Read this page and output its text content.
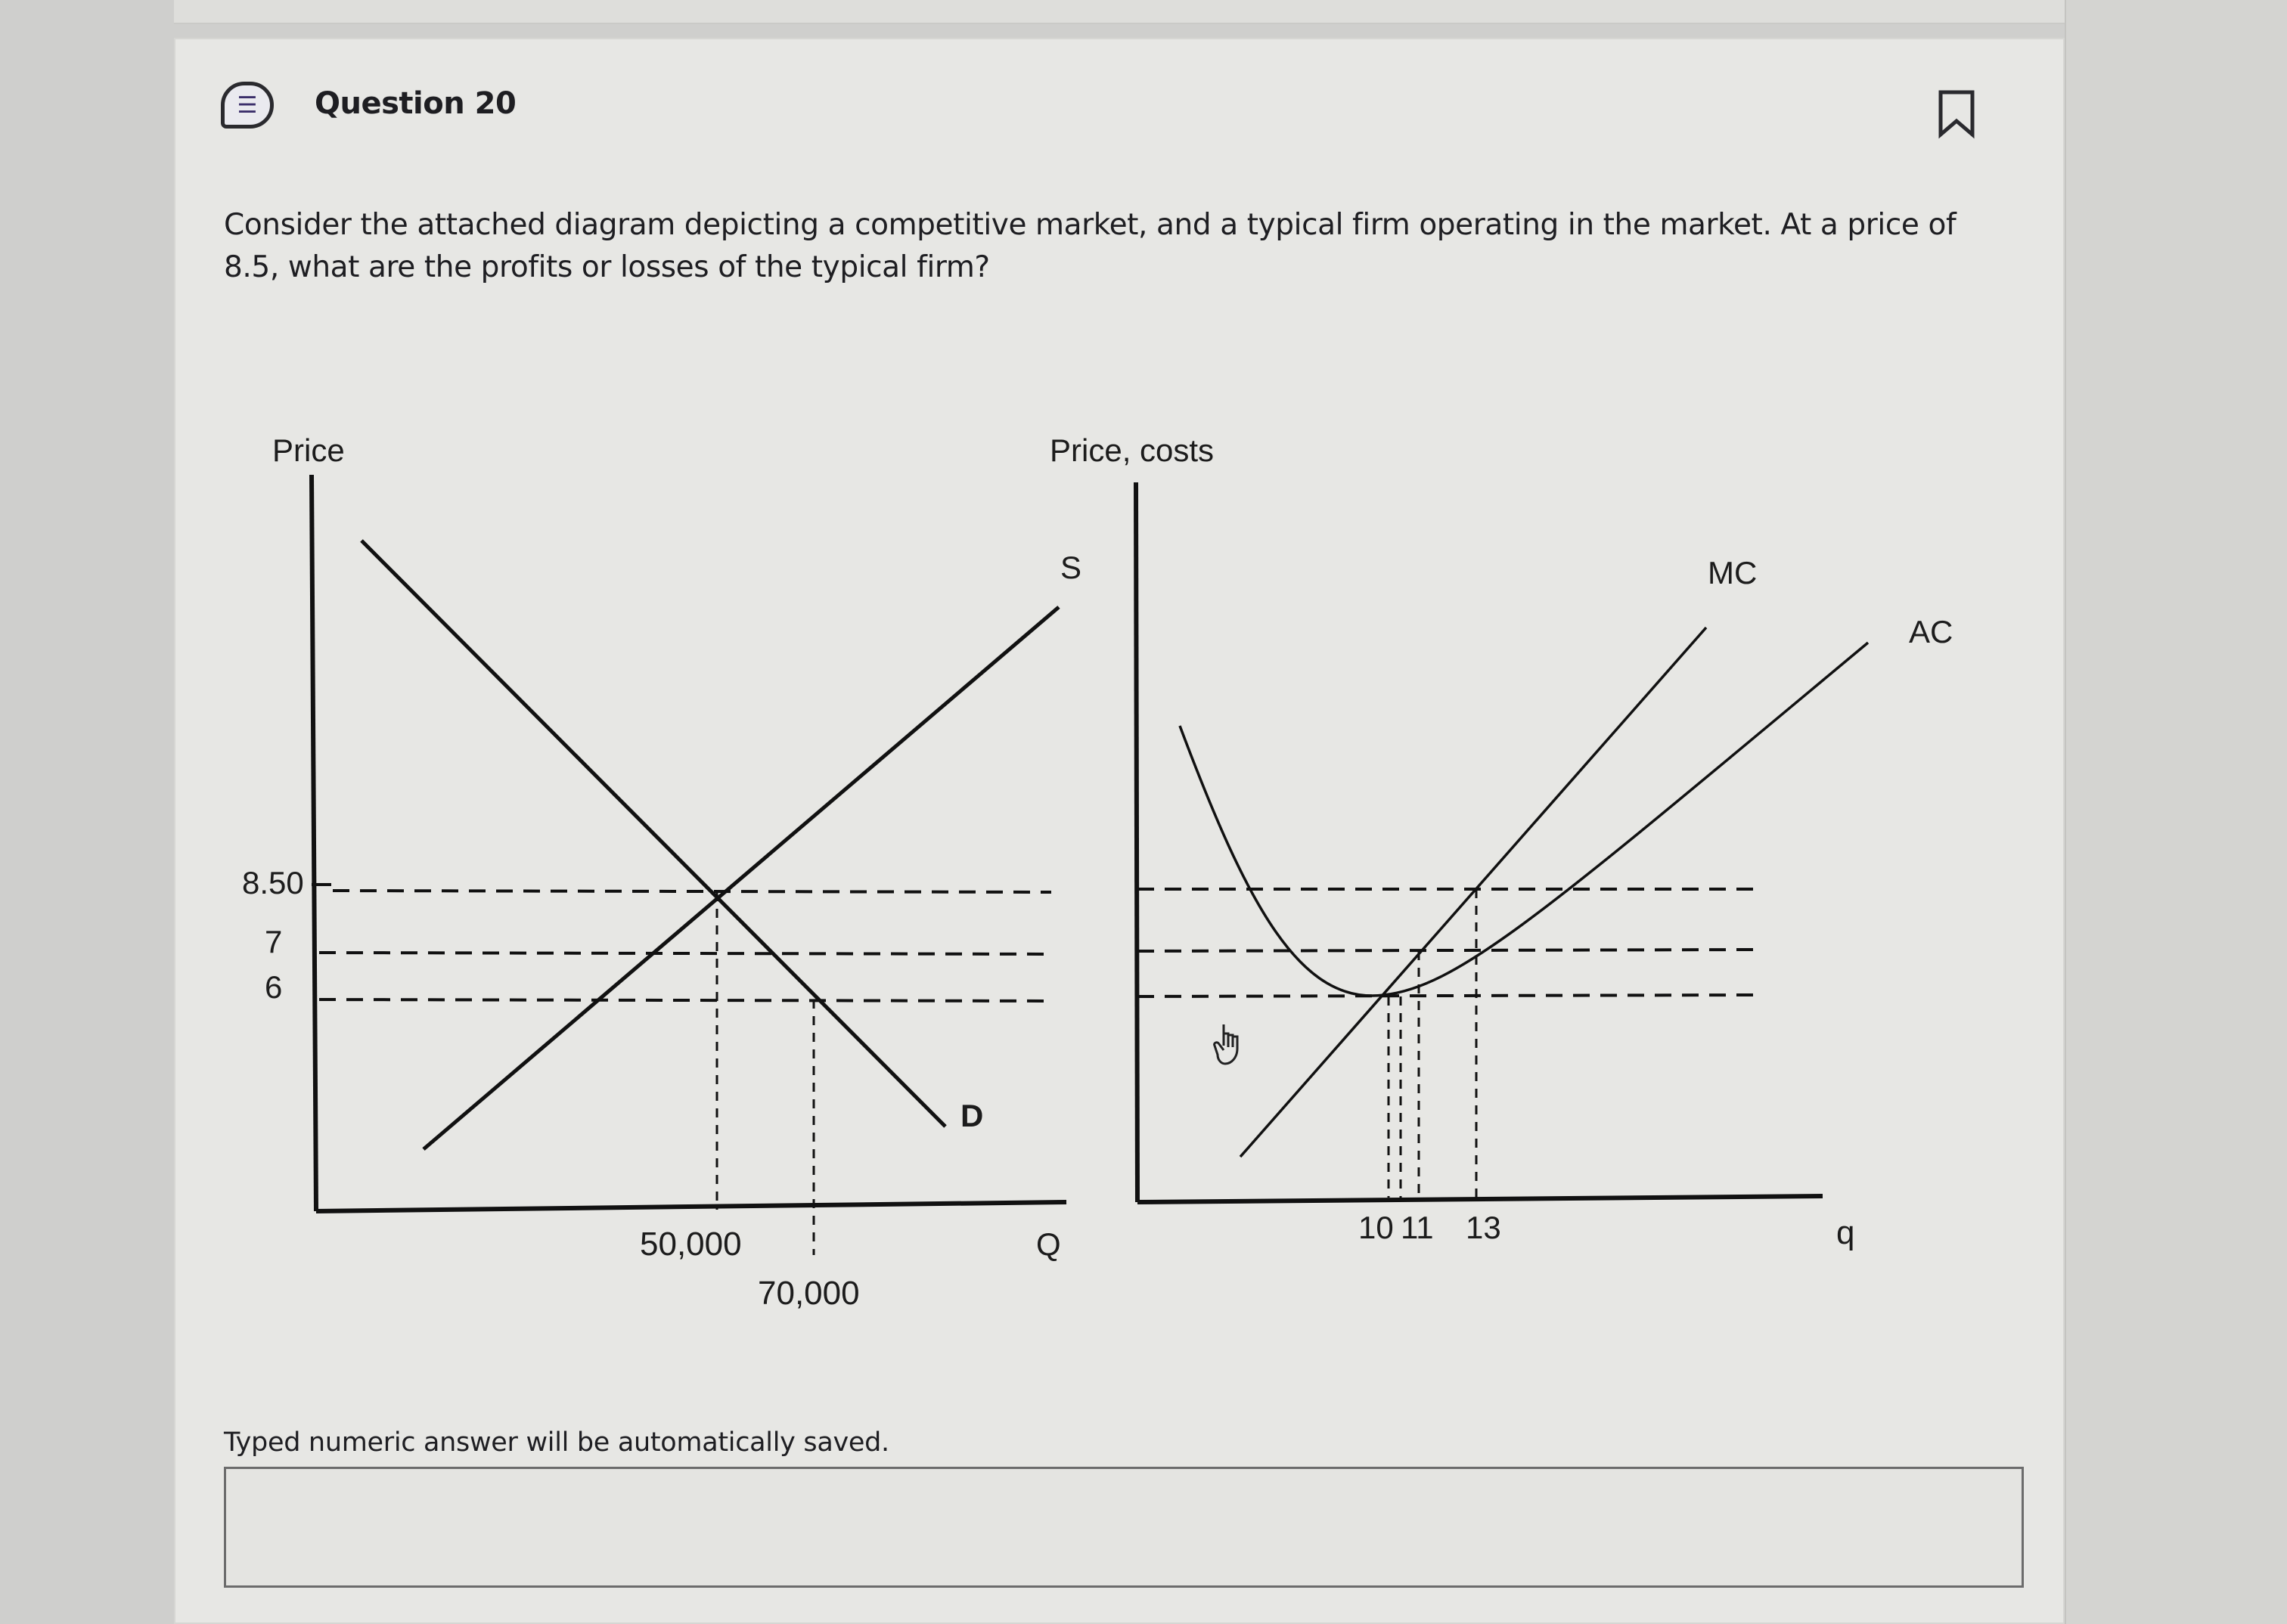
☰	Question 20
Consider the attached diagram depicting a competitive market, and a typical firm operating in the market. At a price of 8.5, what are the profits or losses of the typical firm?
Price
Q
8.50
7
6
D
S
50,000
70,000
Price, costs
q
AC
MC
10 11 13
Typed numeric answer will be automatically saved.
